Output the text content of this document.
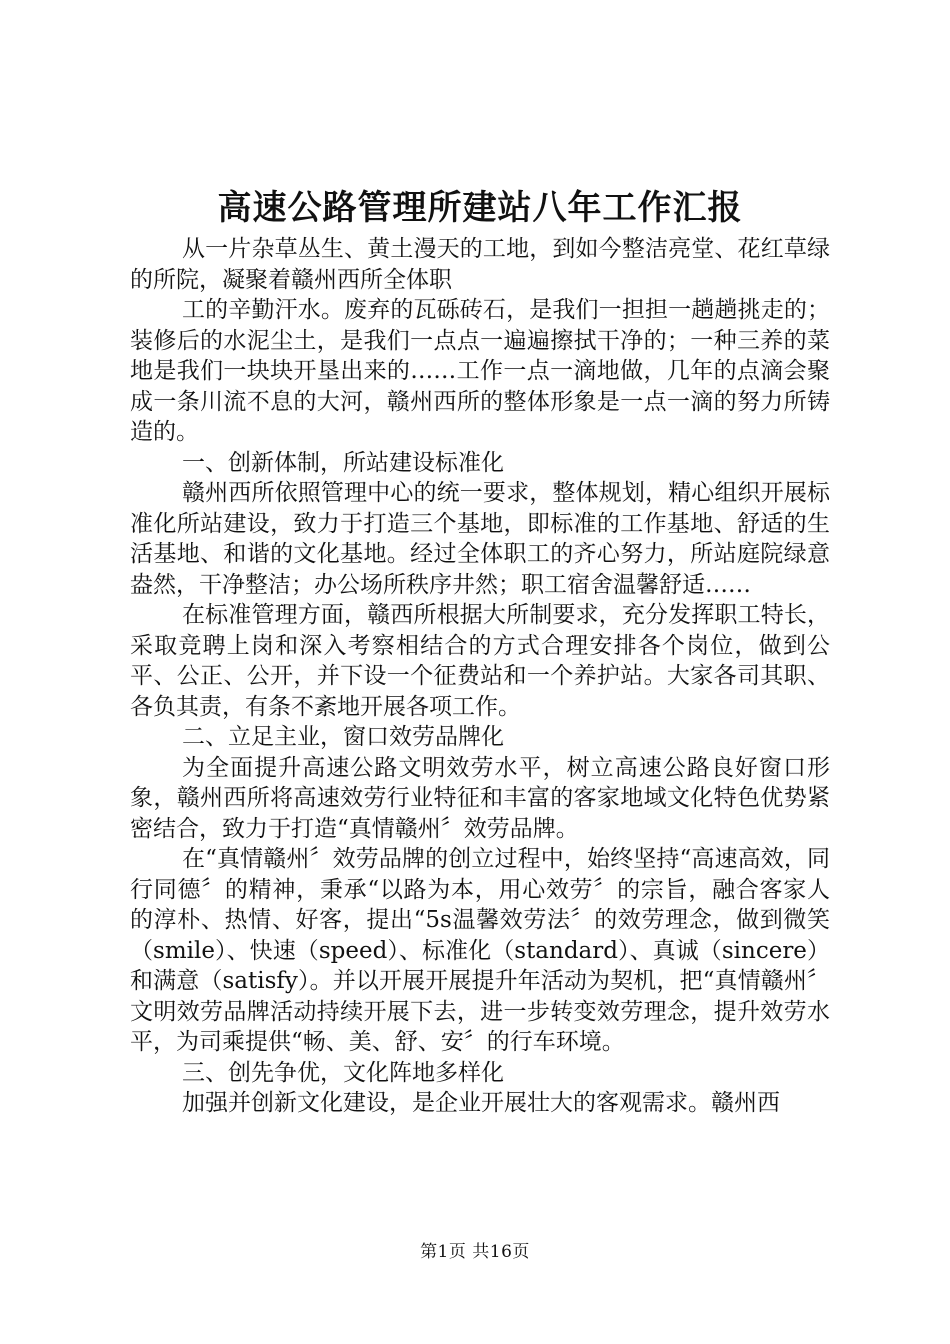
高速公路管理所建站八年工作汇报

从一片杂草丛生、黄土漫天的工地，到如今整洁亮堂、花红草绿的所院，凝聚着赣州西所全体职

工的辛勤汗水。废弃的瓦砾砖石，是我们一担担一趟趟挑走的；装修后的水泥尘土，是我们一点点一遍遍擦拭干净的；一种三养的菜地是我们一块块开垦出来的……工作一点一滴地做，几年的点滴会聚成一条川流不息的大河，赣州西所的整体形象是一点一滴的努力所铸造的。

一、创新体制，所站建设标准化

赣州西所依照管理中心的统一要求，整体规划，精心组织开展标准化所站建设，致力于打造三个基地，即标准的工作基地、舒适的生活基地、和谐的文化基地。经过全体职工的齐心努力，所站庭院绿意盎然，干净整洁；办公场所秩序井然；职工宿舍温馨舒适……

在标准管理方面，赣西所根据大所制要求，充分发挥职工特长，采取竞聘上岗和深入考察相结合的方式合理安排各个岗位，做到公平、公正、公开，并下设一个征费站和一个养护站。大家各司其职、各负其责，有条不紊地开展各项工作。

二、立足主业，窗口效劳品牌化

为全面提升高速公路文明效劳水平，树立高速公路良好窗口形象，赣州西所将高速效劳行业特征和丰富的客家地域文化特色优势紧密结合，致力于打造“真情赣州〞效劳品牌。

在“真情赣州〞效劳品牌的创立过程中，始终坚持“高速高效，同行同德〞的精神，秉承“以路为本，用心效劳〞的宗旨，融合客家人的淳朴、热情、好客，提出“5s温馨效劳法〞的效劳理念，做到微笑（smile）、快速（speed）、标准化（standard）、真诚（sincere）和满意（satisfy）。并以开展开展提升年活动为契机，把“真情赣州〞文明效劳品牌活动持续开展下去，进一步转变效劳理念，提升效劳水平，为司乘提供“畅、美、舒、安〞的行车环境。

三、创先争优，文化阵地多样化

加强并创新文化建设，是企业开展壮大的客观需求。赣州西

第1页 共16页
